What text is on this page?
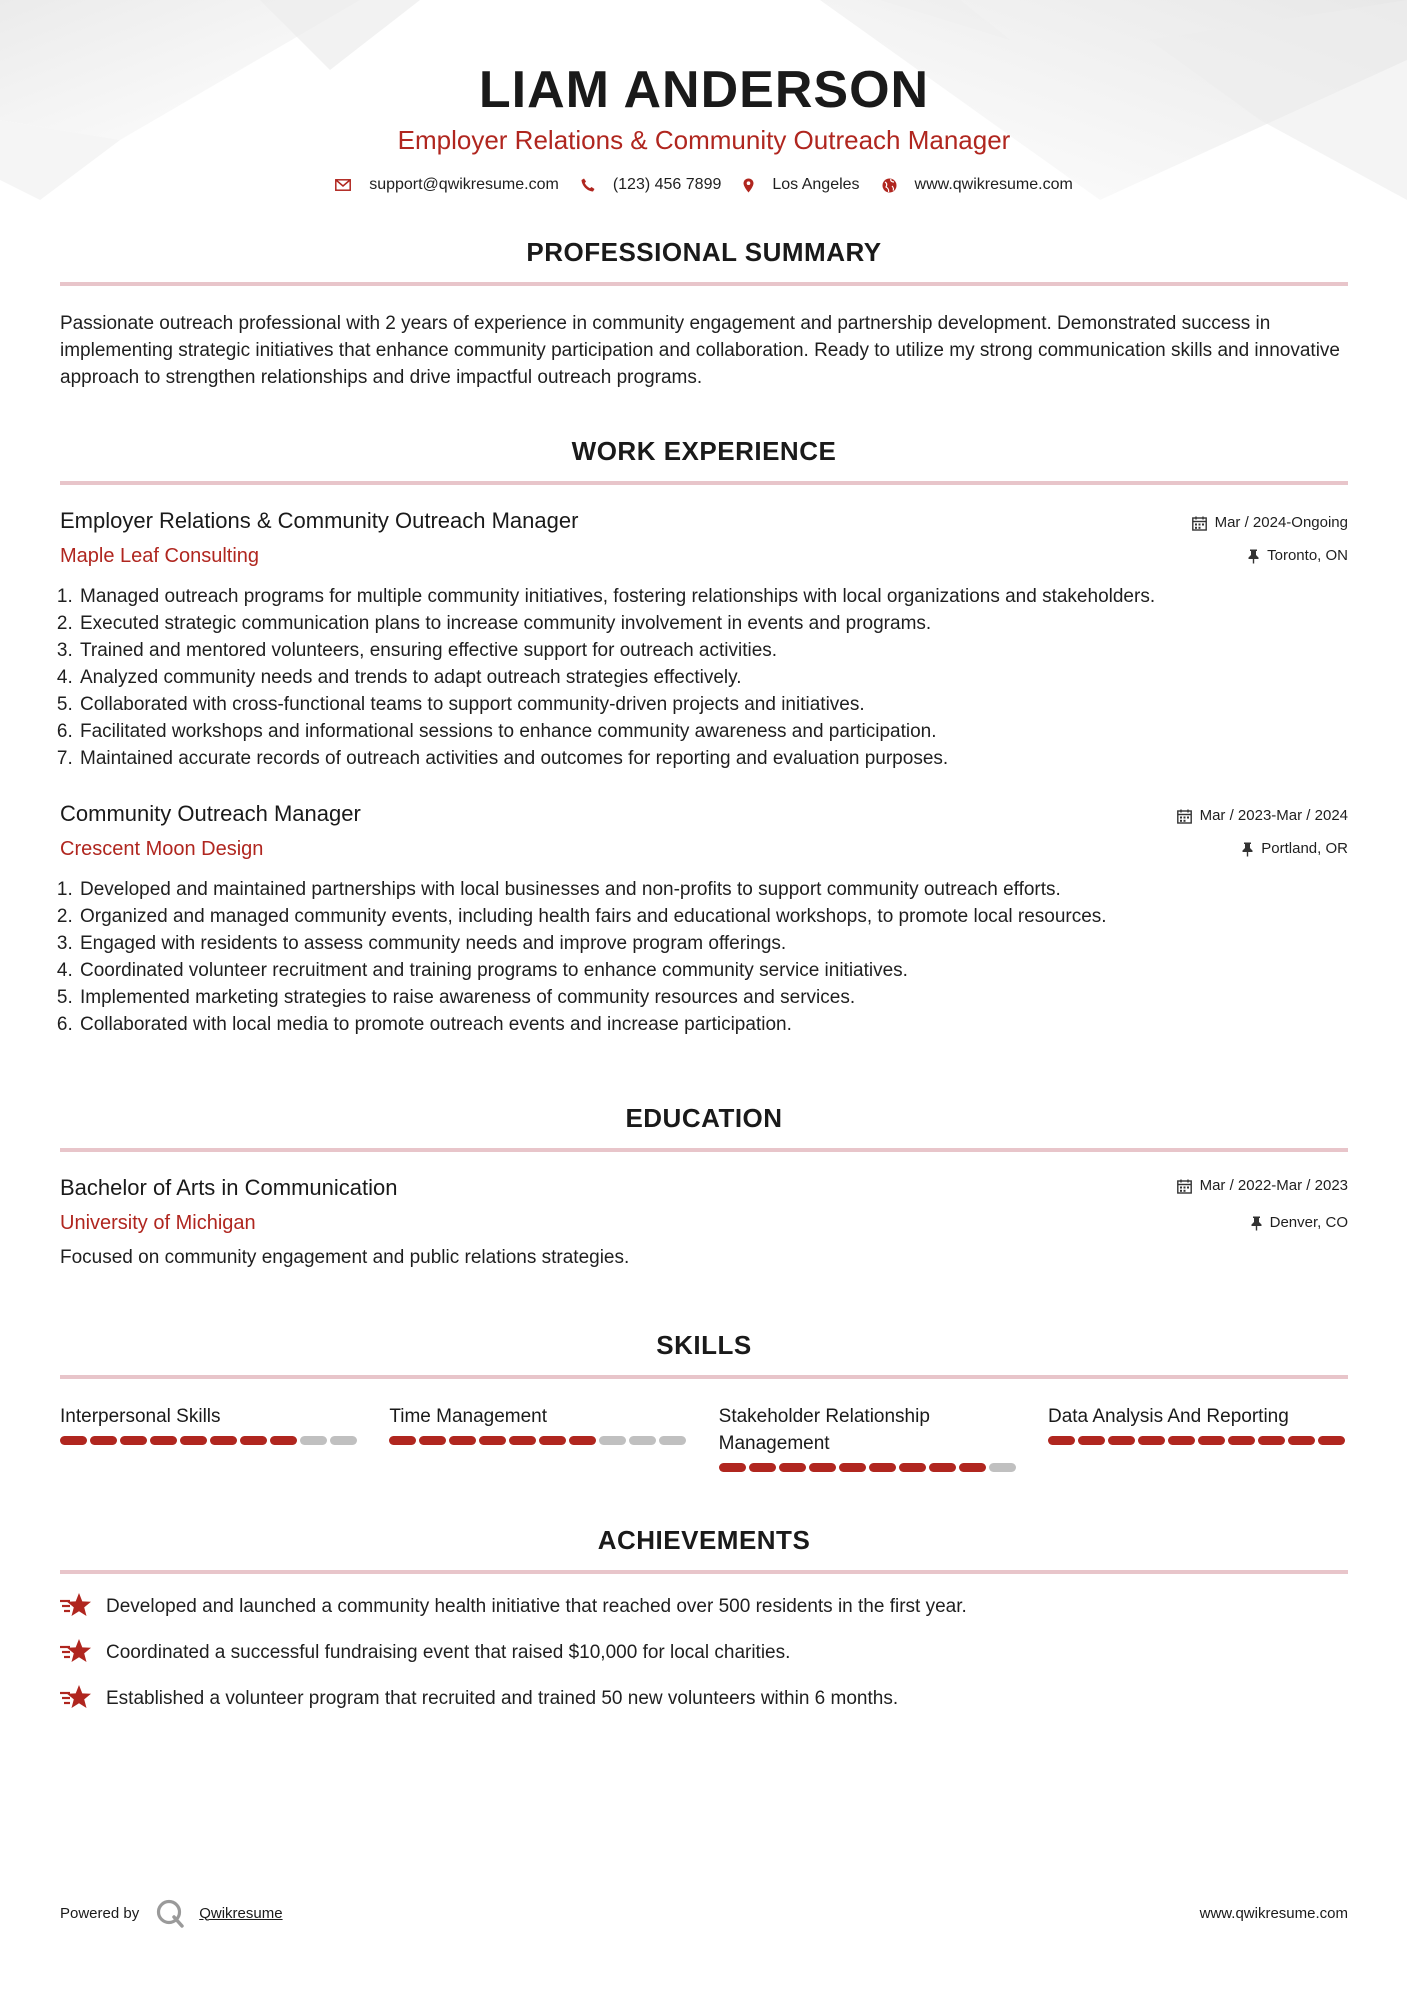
LIAM ANDERSON
Employer Relations & Community Outreach Manager
support@qwikresume.com	(123) 456 7899	Los Angeles	www.qwikresume.com
PROFESSIONAL SUMMARY

Passionate outreach professional with 2 years of experience in community engagement and partnership development. Demonstrated success in implementing strategic initiatives that enhance community participation and collaboration. Ready to utilize my strong communication skills and innovative approach to strengthen relationships and drive impactful outreach programs.

WORK EXPERIENCE
Employer Relations & Community Outreach Manager
Maple Leaf Consulting
Mar / 2024-Ongoing
Toronto, ON
1. Managed outreach programs for multiple community initiatives, fostering relationships with local organizations and stakeholders.
2. Executed strategic communication plans to increase community involvement in events and programs.
3. Trained and mentored volunteers, ensuring effective support for outreach activities.
4. Analyzed community needs and trends to adapt outreach strategies effectively.
5. Collaborated with cross-functional teams to support community-driven projects and initiatives.
6. Facilitated workshops and informational sessions to enhance community awareness and participation.
7. Maintained accurate records of outreach activities and outcomes for reporting and evaluation purposes.
Community Outreach Manager
Crescent Moon Design
Mar / 2023-Mar / 2024
Portland, OR
1. Developed and maintained partnerships with local businesses and non-profits to support community outreach efforts.
2. Organized and managed community events, including health fairs and educational workshops, to promote local resources.
3. Engaged with residents to assess community needs and improve program offerings.
4. Coordinated volunteer recruitment and training programs to enhance community service initiatives.
5. Implemented marketing strategies to raise awareness of community resources and services.
6. Collaborated with local media to promote outreach events and increase participation.
EDUCATION
Bachelor of Arts in Communication
University of Michigan
Mar / 2022-Mar / 2023
Denver, CO

Focused on community engagement and public relations strategies.

SKILLS
Interpersonal Skills	Time Management	Stakeholder Relationship Management
Data Analysis And Reporting
ACHIEVEMENTS
Developed and launched a community health initiative that reached over 500 residents in the first year.
Coordinated a successful fundraising event that raised $10,000 for local charities.
Established a volunteer program that recruited and trained 50 new volunteers within 6 months.
Powered by	Qwikresume	www.qwikresume.com
